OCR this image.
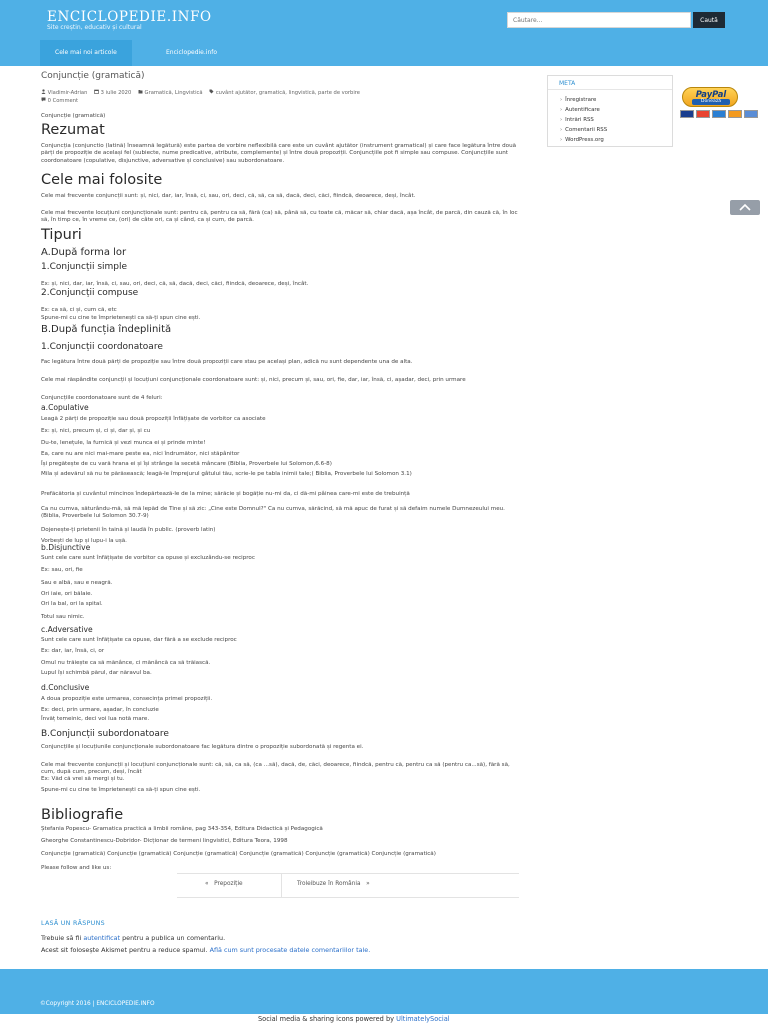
ENCICLOPEDIE.INFO
Site creștin, educativ și cultural
Căutare...
Caută
Cele mai noi articole	Enciclopedie.info
Conjuncție (gramatică)
Vladimir-Adrian	3 iulie 2020	Gramatică, Lingvistică	cuvânt ajutător, gramatică, lingvistică, parte de vorbire
0 Comment
Conjuncție (gramatică)
Rezumat
Conjuncția (conjunctio (latină) înseamnă legătură) este partea de vorbire neflexibilă care este un cuvânt ajutător (instrument gramatical) și care face legătura între două părți de propoziție de același fel (subiecte, nume predicative, atribute, complemente) și între două propoziții. Conjuncțiile pot fi simple sau compuse. Conjuncțiile sunt coordonatoare (copulative, disjunctive, adversative și conclusive) sau subordonatoare.
Cele mai folosite
Cele mai frecvente conjuncții sunt: și, nici, dar, iar, însă, ci, sau, ori, deci, că, să, ca să, dacă, deci, căci, fiindcă, deoarece, deși, încât.
Cele mai frecvente locuțiuni conjuncționale sunt: pentru că, pentru ca să, fără (ca) să, până să, cu toate că, măcar să, chiar dacă, așa încât, de parcă, din cauză că, în loc să, în timp ce, în vreme ce, (ori) de câte ori, ca și când, ca și cum, de parcă.
Tipuri
A.După forma lor
1.Conjuncții simple
Ex: și, nici, dar, iar, însă, ci, sau, ori, deci, că, să, dacă, deci, căci, fiindcă, deoarece, deși, încât.
2.Conjuncții compuse
Ex: ca să, ci și, cum că, etc
Spune-mi cu cine te împrietenești ca să-ți spun cine ești.
B.După funcția îndeplinită
1.Conjuncții coordonatoare
Fac legătura între două părți de propoziție sau între două propoziții care stau pe același plan, adică nu sunt dependente una de alta.
Cele mai răspândite conjuncții și locuțiuni conjuncționale coordonatoare sunt: și, nici, precum și, sau, ori, fie, dar, iar, însă, ci, așadar, deci, prin urmare
Conjuncțiile coordonatoare sunt de 4 feluri:
a.Copulative
Leagă 2 părți de propoziție sau două propoziții înfățișate de vorbitor ca asociate
Ex: și, nici, precum și, ci și, dar și, și cu
Du-te, lenețule, la furnică și vezi munca ei și prinde minte!
Ea, care nu are nici mai-mare peste ea, nici îndrumător, nici stăpânitor
Își pregătește de cu vară hrana ei și își strânge la secetă mâncare (Biblia, Proverbele lui Solomon,6.6-8)
Mila și adevărul să nu te părăsească; leagă-le împrejurul gâtului tău, scrie-le pe tabla inimii tale;( Biblia, Proverbele lui Solomon 3.1)
Prefăcătoria și cuvântul mincinos îndepărtează-le de la mine; sărăcie și bogăție nu-mi da, ci dă-mi pâinea care-mi este de trebuință
Ca nu cumva, săturându-mă, să mă lepăd de Tine și să zic: „Cine este Domnul?" Ca nu cumva, sărăcind, să mă apuc de furat și să defaim numele Dumnezeului meu.(Biblia, Proverbele lui Solomon 30.7-9)
Dojenește-ți prietenii în taină și laudă în public. (proverb latin)
Vorbești de lup și lupu-i la ușă.
b.Disjunctive
Sunt cele care sunt înfățișate de vorbitor ca opuse și excluzându-se reciproc
Ex: sau, ori, fie
Sau e albă, sau e neagră.
Ori iaie, ori bălaie.
Ori la bal, ori la spital.
Totul sau nimic.
c.Adversative
Sunt cele care sunt înfățișate ca opuse, dar fără a se exclude reciproc
Ex: dar, iar, însă, ci, or
Omul nu trăiește ca să mănânce, ci mănâncă ca să trăiască.
Lupul își schimbă părul, dar năravul ba.
d.Conclusive
A doua propoziție este urmarea, consecința primei propoziții.
Ex: deci, prin urmare, așadar, în concluzie
Învăț temeinic, deci voi lua notă mare.
B.Conjuncții subordonatoare
Conjuncțiile și locuțiunile conjuncționale subordonatoare fac legătura dintre o propoziție subordonată și regenta ei.
Cele mai frecvente conjuncții și locuțiuni conjuncționale sunt: că, să, ca să, (ca ...să), dacă, de, căci, deoarece, fiindcă, pentru că, pentru ca să (pentru ca...să), fără să, cum, după cum, precum, deși, încât
Ex: Văd că vrei să mergi și tu.
Spune-mi cu cine te împrietenești ca să-ți spun cine ești.
Bibliografie
Ștefania Popescu- Gramatica practică a limbii române, pag 343-354, Editura Didactică și Pedagogică
Gheorghe Constantinescu-Dobridor- Dicționar de termeni lingvistici, Editura Teora, 1998
Conjuncție (gramatică) Conjuncție (gramatică) Conjuncție (gramatică) Conjuncție (gramatică) Conjuncție (gramatică) Conjuncție (gramatică)
Please follow and like us:
« Prepoziție	Troleibuze în România »
LASĂ UN RĂSPUNS
Trebuie să fii autentificat pentru a publica un comentariu.
Acest sit folosește Akismet pentru a reduce spamul. Află cum sunt procesate datele comentariilor tale.
META
› Înregistrare
› Autentificare
› Intrări RSS
› Comentarii RSS
› WordPress.org
PayPal
Donează
©Copyright 2016 | ENCICLOPEDIE.INFO
Social media & sharing icons powered by UltimatelySocial
